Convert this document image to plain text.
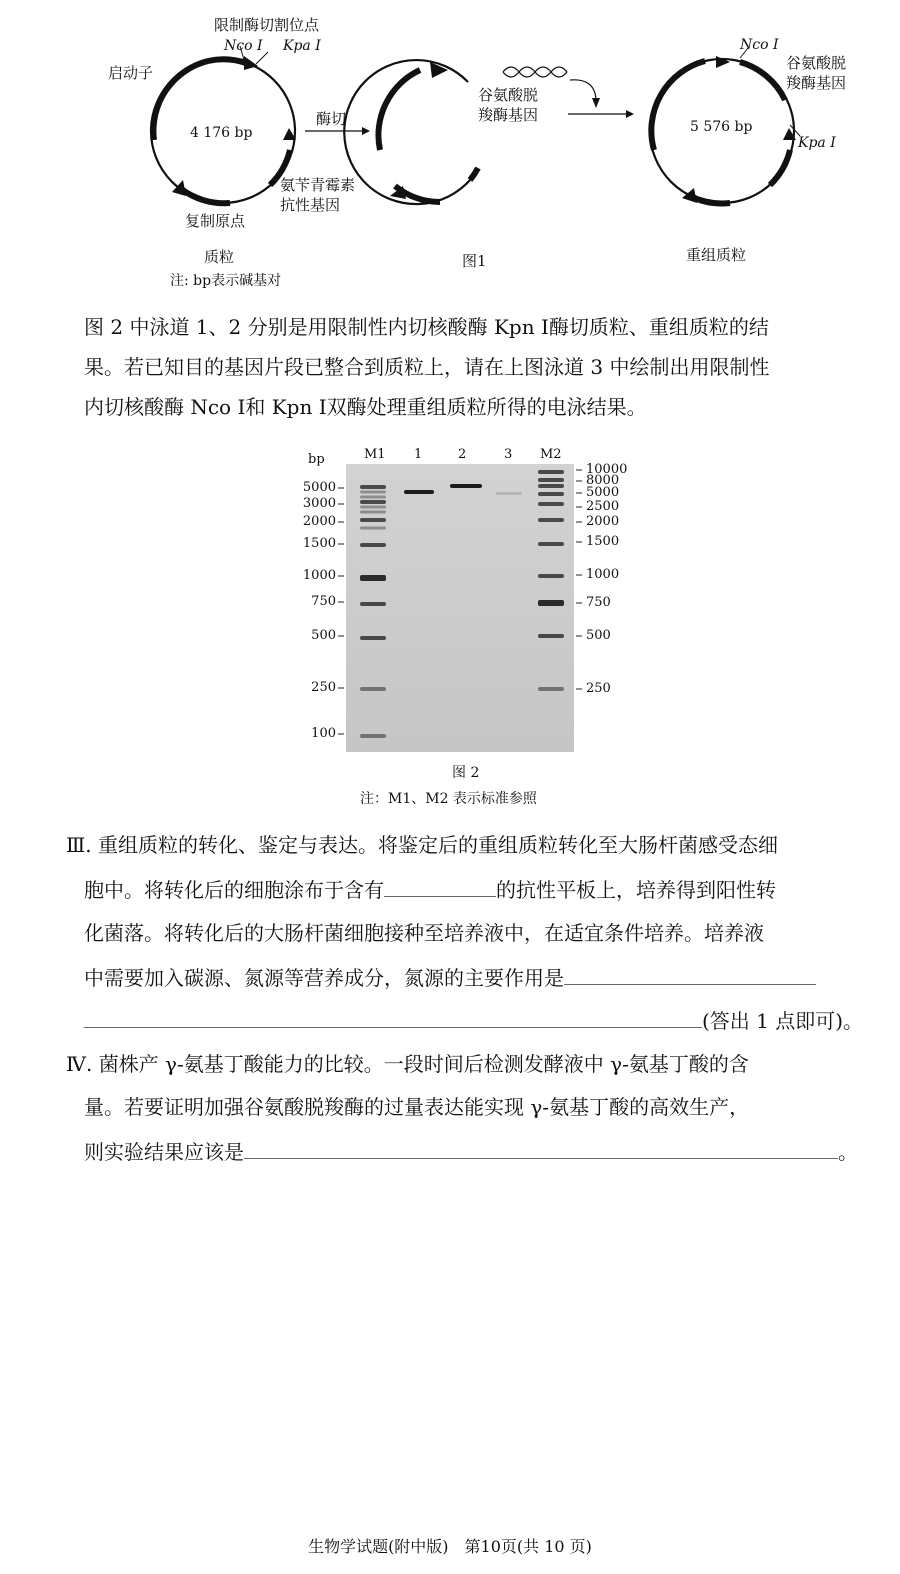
限制酶切割位点
Nco Ⅰ Kpa Ⅰ
启动子
4 176 bp
酶切
氨苄青霉素
抗性基因
复制原点
质粒
注: bp表示碱基对
谷氨酸脱
羧酶基因
图1
Nco Ⅰ
谷氨酸脱
羧酶基因
5 576 bp
Kpa Ⅰ
重组质粒
图 2 中泳道 1、2 分别是用限制性内切核酸酶 Kpn Ⅰ酶切质粒、重组质粒的结
果。若已知目的基因片段已整合到质粒上，请在上图泳道 3 中绘制出用限制性
内切核酸酶 Nco Ⅰ和 Kpn Ⅰ双酶处理重组质粒所得的电泳结果。
bp	M1 1	2	3 M2
5000
3000
2000
1500
1000
750
500
250
100
10000
8000
5000
2500
2000
1500
1000
750
500
250
图 2
注：M1、M2 表示标准参照
Ⅲ. 重组质粒的转化、鉴定与表达。将鉴定后的重组质粒转化至大肠杆菌感受态细
胞中。将转化后的细胞涂布于含有	的抗性平板上，培养得到阳性转
化菌落。将转化后的大肠杆菌细胞接种至培养液中，在适宜条件培养。培养液
中需要加入碳源、氮源等营养成分，氮源的主要作用是
(答出 1 点即可)。
Ⅳ. 菌株产 γ-氨基丁酸能力的比较。一段时间后检测发酵液中 γ-氨基丁酸的含
量。若要证明加强谷氨酸脱羧酶的过量表达能实现 γ-氨基丁酸的高效生产，
则实验结果应该是	。
生物学试题(附中版)　第10页(共 10 页)
